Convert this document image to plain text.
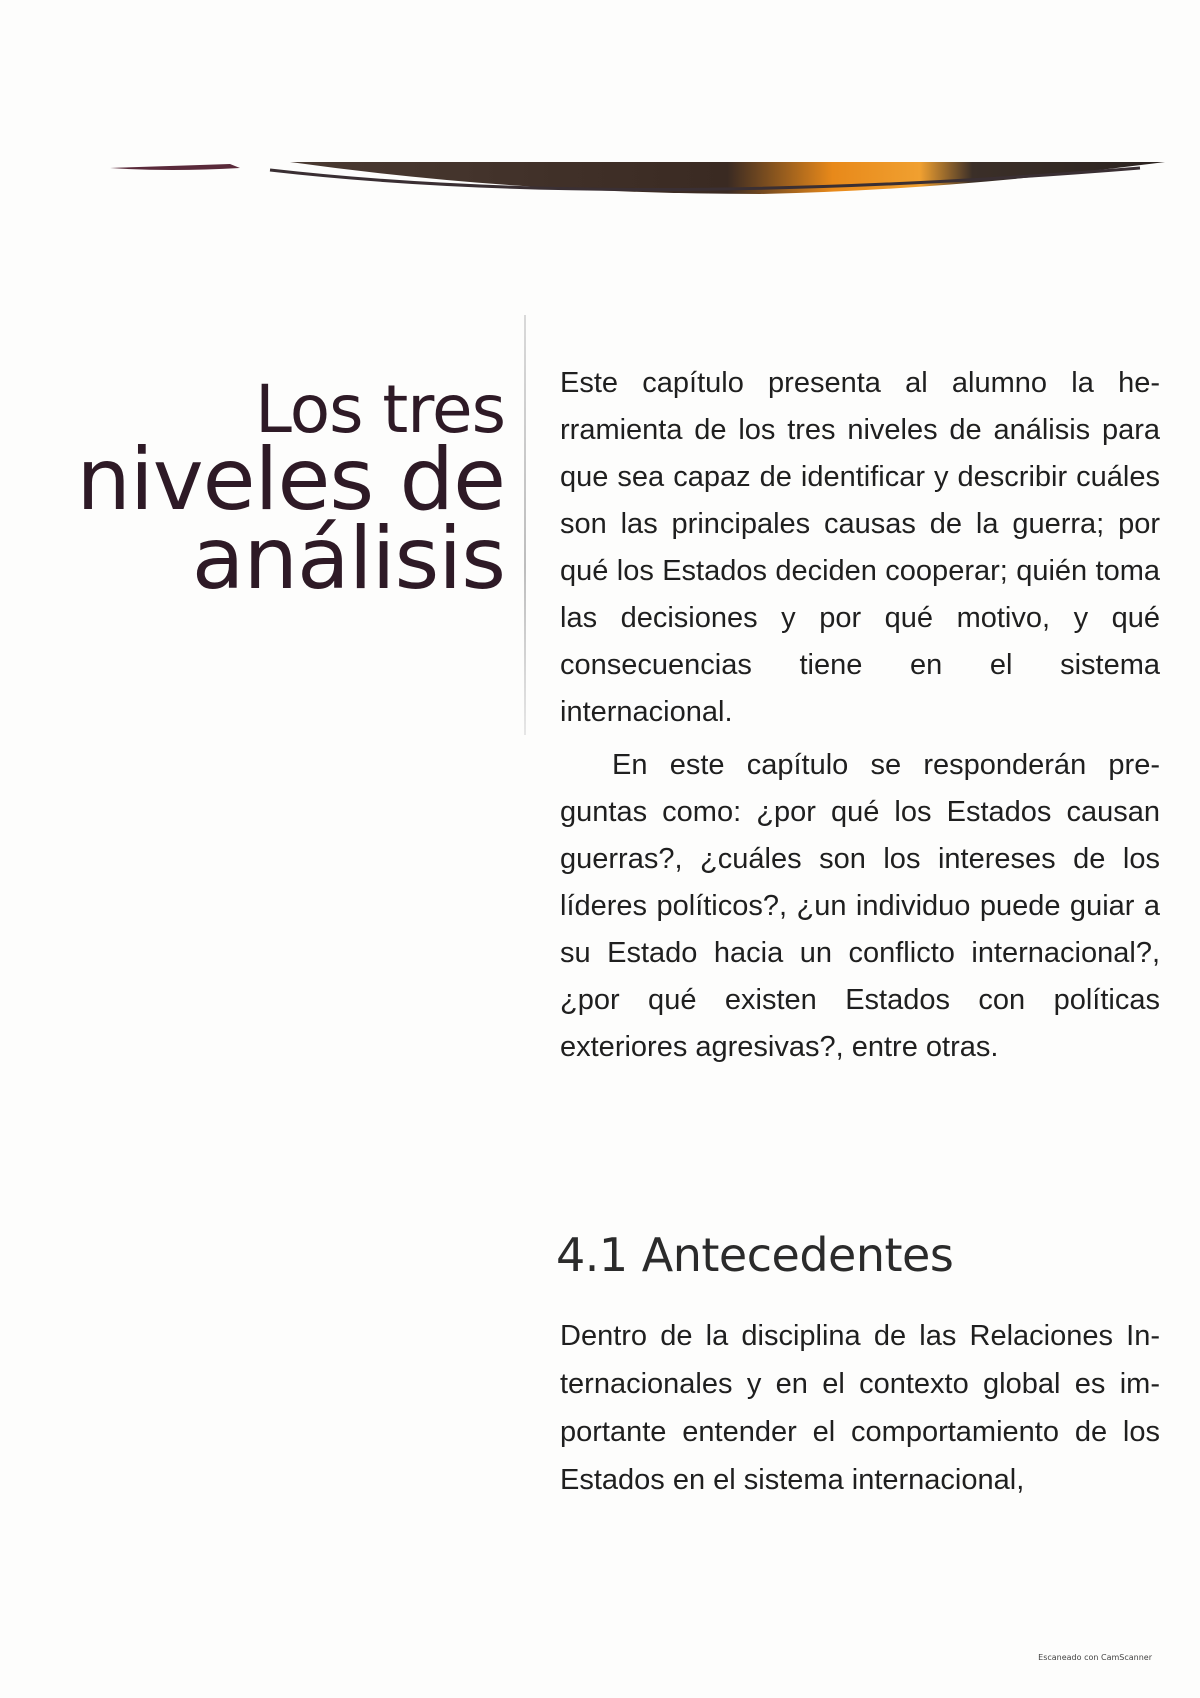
Los tres
niveles de
análisis

Este capítulo presenta al alumno la herramienta de los tres niveles de análisis para que sea capaz de identificar y describir cuáles son las principales causas de la guerra; por qué los Estados deciden cooperar; quién toma las decisiones y por qué motivo, y qué consecuencias tiene en el sistema internacional.

En este capítulo se responderán preguntas como: ¿por qué los Estados causan guerras?, ¿cuáles son los intereses de los líderes políticos?, ¿un individuo puede guiar a su Estado hacia un conflicto internacional?, ¿por qué existen Estados con políticas exteriores agresivas?, entre otras.

4.1 Antecedentes

Dentro de la disciplina de las Relaciones Internacionales y en el contexto global es importante entender el comportamiento de los Estados en el sistema internacional,

Escaneado con CamScanner
